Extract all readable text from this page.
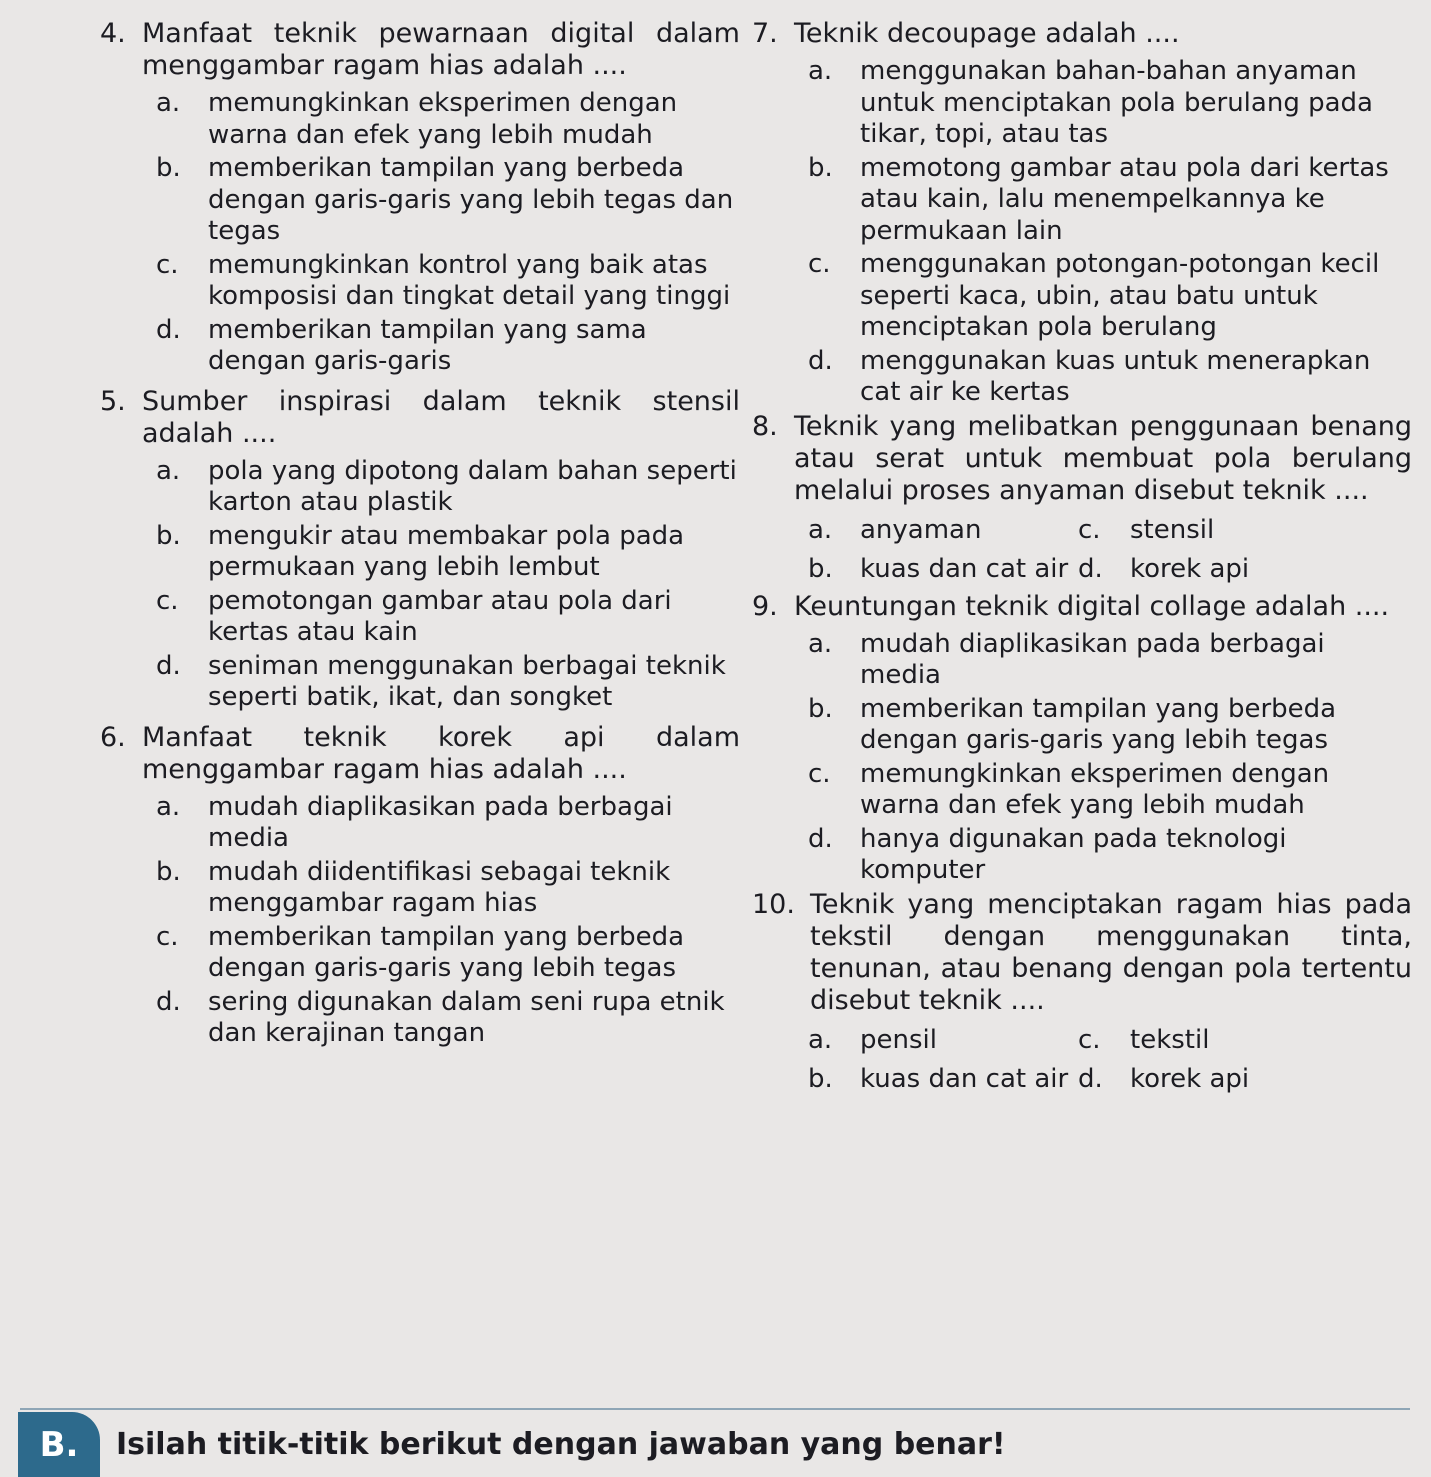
4. Manfaat teknik pewarnaan digital dalam menggambar ragam hias adalah ....
a.	memungkinkan eksperimen dengan warna dan efek yang lebih mudah
b.	memberikan tampilan yang berbeda dengan garis-garis yang lebih tegas dan tegas
c.	memungkinkan kontrol yang baik atas komposisi dan tingkat detail yang tinggi
d.	memberikan tampilan yang sama dengan garis-garis
5. Sumber inspirasi dalam teknik stensil adalah ....
a.	pola yang dipotong dalam bahan seperti karton atau plastik
b.	mengukir atau membakar pola pada permukaan yang lebih lembut
c.	pemotongan gambar atau pola dari kertas atau kain
d.	seniman menggunakan berbagai teknik seperti batik, ikat, dan songket
6. Manfaat teknik korek api dalam menggambar ragam hias adalah ....
a.	mudah diaplikasikan pada berbagai media
b.	mudah diidentifikasi sebagai teknik menggambar ragam hias
c.	memberikan tampilan yang berbeda dengan garis-garis yang lebih tegas
d.	sering digunakan dalam seni rupa etnik dan kerajinan tangan
7. Teknik decoupage adalah ....
a.	menggunakan bahan-bahan anyaman untuk menciptakan pola berulang pada tikar, topi, atau tas
b.	memotong gambar atau pola dari kertas atau kain, lalu menempelkannya ke permukaan lain
c.	menggunakan potongan-potongan kecil seperti kaca, ubin, atau batu untuk menciptakan pola berulang
d.	menggunakan kuas untuk menerapkan cat air ke kertas
8. Teknik yang melibatkan penggunaan benang atau serat untuk membuat pola berulang melalui proses anyaman disebut teknik ....
a.	anyaman	c.	stensil
b.	kuas dan cat air d.	korek api
9. Keuntungan teknik digital collage adalah ....
a.	mudah diaplikasikan pada berbagai media
b.	memberikan tampilan yang berbeda dengan garis-garis yang lebih tegas
c.	memungkinkan eksperimen dengan warna dan efek yang lebih mudah
d.	hanya digunakan pada teknologi komputer
10. Teknik yang menciptakan ragam hias pada tekstil dengan menggunakan tinta, tenunan, atau benang dengan pola tertentu disebut teknik ....
a.	pensil	c.	tekstil
b.	kuas dan cat air d.	korek api
B.	Isilah titik-titik berikut dengan jawaban yang benar!
